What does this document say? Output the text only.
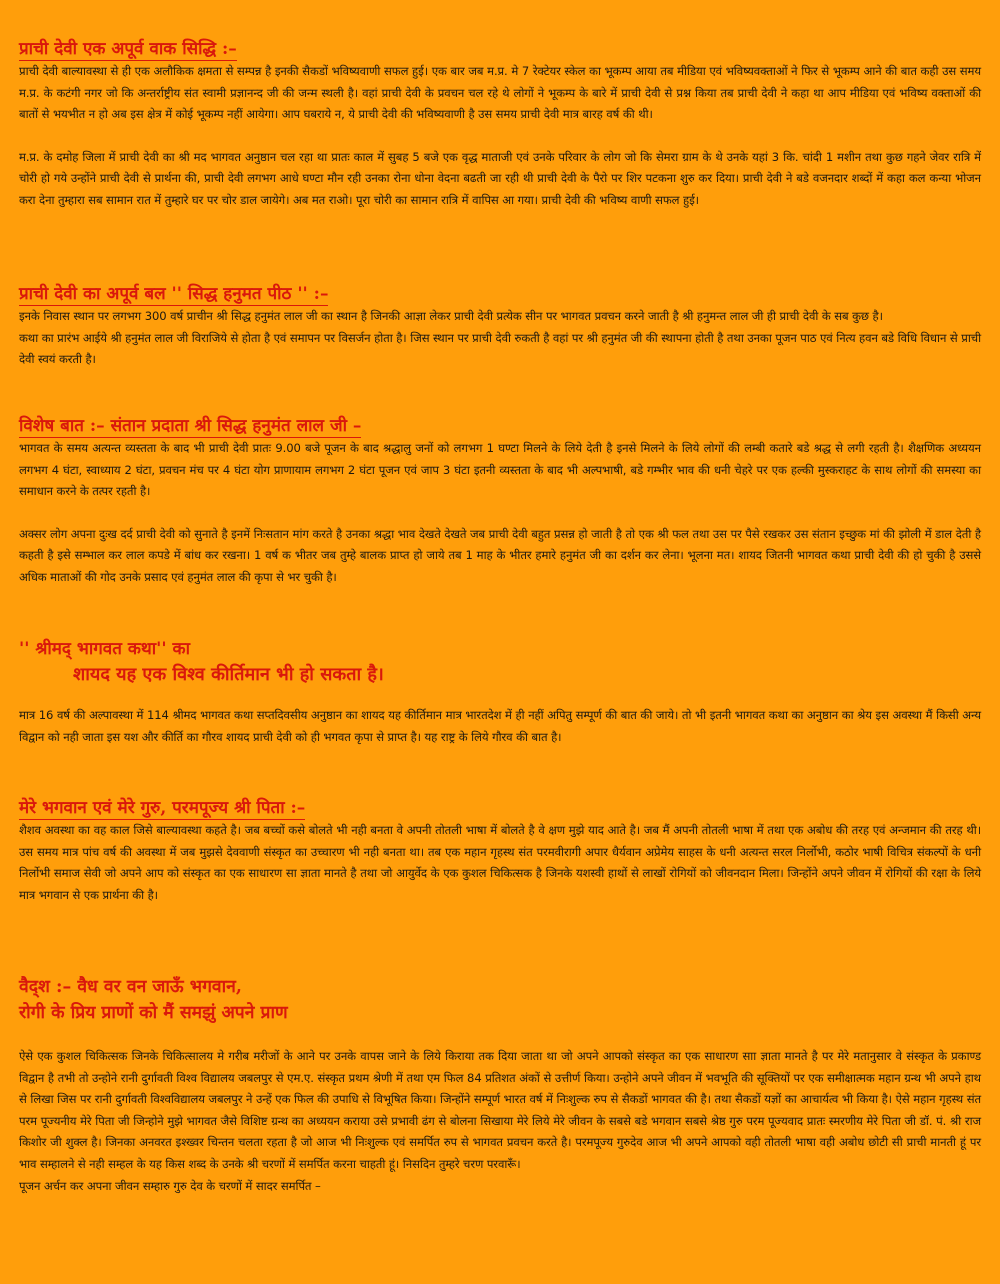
प्राची देवी एक अपूर्व वाक सिद्धि :–

प्राची देवी बाल्यावस्था से ही एक अलौकिक क्षमता से सम्पन्न है इनकी सैकडों भविष्यवाणी सफल हुई। एक बार जब म.प्र. मे 7 रेक्टेयर स्केल का भूकम्प आया तब मीडिया एवं भविष्यवक्ताओं ने फिर से भूकम्प आने की बात कही उस समय म.प्र. के कटंगी नगर जो कि अन्तर्राष्ट्रीय संत स्वामी प्रज्ञानन्द जी की जन्म स्थली है। वहां प्राची देवी के प्रवचन चल रहे थे लोगों ने भूकम्प के बारे में प्राची देवी से प्रश्न किया तब प्राची देवी ने कहा था आप मीडिया एवं भविष्य वक्ताओं की बातों से भयभीत न हो अब इस क्षेत्र में कोई भूकम्प नहीं आयेगा। आप घबराये न, ये प्राची देवी की भविष्यवाणी है उस समय प्राची देवी मात्र बारह वर्ष की थी।

म.प्र. के दमोह जिला में प्राची देवी का श्री मद भागवत अनुष्ठान चल रहा था प्रातः काल में सुबह 5 बजे एक वृद्ध माताजी एवं उनके परिवार के लोग जो कि सेमरा ग्राम के थे उनके यहां 3 कि. चांदी 1 मशीन तथा कुछ गहने जेवर रात्रि में चोरी हो गये उन्होंने प्राची देवी से प्रार्थना की, प्राची देवी लगभग आधे घण्टा मौन रही उनका रोना धोना वेदना बढती जा रही थी प्राची देवी के पैरो पर शिर पटकना शुरु कर दिया। प्राची देवी ने बडे वजनदार शब्दों में कहा कल कन्या भोजन करा देना तुम्हारा सब सामान रात में तुम्हारे घर पर चोर डाल जायेगे। अब मत राओ। पूरा चोरी का सामान रात्रि में वापिस आ गया। प्राची देवी की भविष्य वाणी सफल हुई।

प्राची देवी का अपूर्व बल '' सिद्ध हनुमत पीठ '' :–

इनके निवास स्थान पर लगभग 300 वर्ष प्राचीन श्री सिद्ध हनुमंत लाल जी का स्थान है जिनकी आज्ञा लेकर प्राची देवी प्रत्येक सीन पर भागवत प्रवचन करने जाती है श्री हनुमन्त लाल जी ही प्राची देवी के सब कुछ है।
कथा का प्रारंभ आईये श्री हनुमंत लाल जी विराजिये से होता है एवं समापन पर विसर्जन होता है। जिस स्थान पर प्राची देवी रुकती है वहां पर श्री हनुमंत जी की स्थापना होती है तथा उनका पूजन पाठ एवं नित्य हवन बडे विधि विधान से प्राची देवी स्वयं करती है।

विशेष बात :– संतान प्रदाता श्री सिद्ध हनुमंत लाल जी –

भागवत के समय अत्यन्त व्यस्तता के बाद भी प्राची देवी प्रातः 9.00 बजे पूजन के बाद श्रद्धालु जनों को लगभग 1 घण्टा मिलने के लिये देती है इनसे मिलने के लिये लोगों की लम्बी कतारे बडे श्रद्ध से लगी रहती है। शैक्षणिक अध्ययन लगभग 4 घंटा, स्वाध्याय 2 घंटा, प्रवचन मंच पर 4 घंटा योग प्राणायाम लगभग 2 घंटा पूजन एवं जाप 3 घंटा इतनी व्यस्तता के बाद भी अल्पभाषी, बडे गम्भीर भाव की धनी चेहरे पर एक हल्की मुस्कराहट के साथ लोगों की समस्या का समाधान करने के तत्पर रहती है।

अक्सर लोग अपना दुःख दर्द प्राची देवी को सुनाते है इनमें निःसतान मांग करते है उनका श्रद्धा भाव देखते देखते जब प्राची देवी बहुत प्रसन्न हो जाती है तो एक श्री फल तथा उस पर पैसे रखकर उस संतान इच्छुक मां की झोली में डाल देती है कहती है इसे सम्भाल कर लाल कपडे में बांध कर रखना। 1 वर्ष क भीतर जब तुम्हे बालक प्राप्त हो जाये तब 1 माह के भीतर हमारे हनुमंत जी का दर्शन कर लेना। भूलना मत। शायद जितनी भागवत कथा प्राची देवी की हो चुकी है उससे अधिक माताओं की गोद उनके प्रसाद एवं हनुमंत लाल की कृपा से भर चुकी है।

'' श्रीमद् भागवत कथा'' का
शायद यह एक विश्व कीर्तिमान भी हो सकता है।

मात्र 16 वर्ष की अल्पावस्था में 114 श्रीमद भागवत कथा सप्तदिवसीय अनुष्ठान का शायद यह कीर्तिमान मात्र भारतदेश में ही नहीं अपितु सम्पूर्ण की बात की जाये। तो भी इतनी भागवत कथा का अनुष्ठान का श्रेय इस अवस्था मैं किसी अन्य विद्वान को नही जाता इस यश और कीर्ति का गौरव शायद प्राची देवी को ही भगवत कृपा से प्राप्त है। यह राष्ट्र के लिये गौरव की बात है।

मेरे भगवान एवं मेरे गुरु, परमपूज्य श्री पिता :–

शैशव अवस्था का वह काल जिसे बाल्यावस्था कहते है। जब बच्चों कसे बोलते भी नही बनता वे अपनी तोतली भाषा में बोलते है वे क्षण मुझे याद आते है। जब मैं अपनी तोतली भाषा में तथा एक अबोध की तरह एवं अन्जमान की तरह थी। उस समय मात्र पांच वर्ष की अवस्था में जब मुझसे देववाणी संस्कृत का उच्चारण भी नही बनता था। तब एक महान गृहस्थ संत परमवीरागी अपार धैर्यवान अप्रेमेय साहस के धनी अत्यन्त सरल निर्लोभी, कठोर भाषी विचित्र संकल्पों के धनी निर्लोभी समाज सेवी जो अपने आप को संस्कृत का एक साधारण सा ज्ञाता मानते है तथा जो आयुर्वेद के एक कुशल चिकित्सक है जिनके यशस्वी हाथों से लाखों रोगियों को जीवनदान मिला। जिन्होंने अपने जीवन में रोगियों की रक्षा के लिये मात्र भगवान से एक प्रार्थना की है।

वैद्श :– वैध वर वन जाऊँ भगवान,
रोगी के प्रिय प्राणों को मैं समझुं अपने प्राण

ऐसे एक कुशल चिकित्सक जिनके चिकित्सालय मे गरीब मरीजों के आने पर उनके वापस जाने के लिये किराया तक दिया जाता था जो अपने आपको संस्कृत का एक साधारण साा ज्ञाता मानते है पर मेरे मतानुसार वे संस्कृत के प्रकाण्ड विद्वान है तभी तो उन्होने रानी दुर्गावती विश्व विद्यालय जबलपुर से एम.ए. संस्कृत प्रथम श्रेणी में तथा एम फिल 84 प्रतिशत अंकों से उत्तीर्ण किया। उन्होने अपने जीवन में भवभूति की सूक्तियों पर एक समीक्षात्मक महान ग्रन्थ भी अपने हाथ से लिखा जिस पर रानी दुर्गावती विश्वविद्यालय जबलपुर ने उन्हें एक फिल की उपाधि से विभूषित किया। जिन्होंने सम्पूर्ण भारत वर्ष में निःशुल्क रुप से सैकडों भागवत की है। तथा सैकडों यज्ञों का आचार्यत्व भी किया है। ऐसे महान गृहस्थ संत परम पूज्यनीय मेरे पिता जी जिन्होने मुझे भागवत जैसे विशिष्ट ग्रन्थ का अध्ययन कराया उसे प्रभावी ढंग से बोलना सिखाया मेरे लिये मेरे जीवन के सबसे बडे भगवान सबसे श्रेष्ठ गुरु परम पूज्यवाद प्रातः स्मरणीय मेरे पिता जी डॉ. पं. श्री राज किशोर जी शुक्ल है। जिनका अनवरत इश्ख्वर चिन्तन चलता रहता है जो आज भी निःशुल्क एवं समर्पित रुप से भागवत प्रवचन करते है। परमपूज्य गुरुदेव आज भी अपने आपको वही तोतली भाषा वही अबोध छोटी सी प्राची मानती हूं पर भाव सम्हालने से नही सम्हल के यह किस शब्द के उनके श्री चरणों में समर्पित करना चाहती हूं। निसदिन तुम्हरे चरण परवारूँ।
पूजन अर्चन कर अपना जीवन सम्हारु गुरु देव के चरणों में सादर समर्पित –
